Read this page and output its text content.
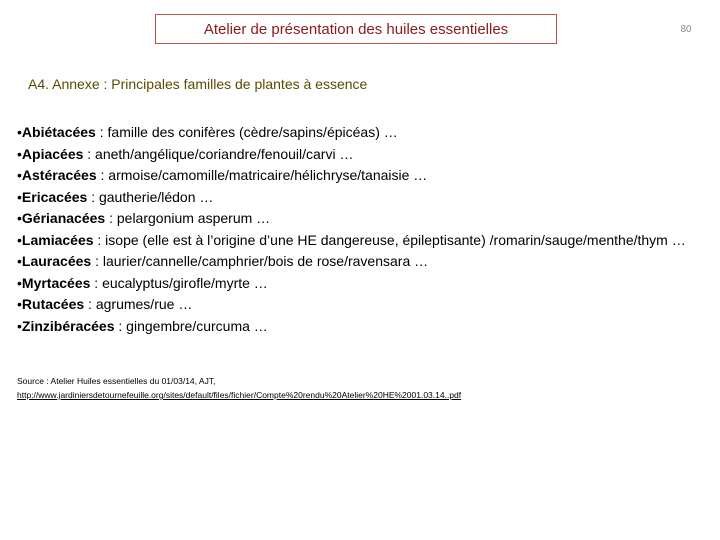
Atelier de présentation des huiles essentielles	80
A4. Annexe : Principales familles de plantes à essence
•Abiétacées : famille des conifères (cèdre/sapins/épicéas) …
•Apiacées : aneth/angélique/coriandre/fenouil/carvi …
•Astéracées : armoise/camomille/matricaire/hélichryse/tanaisie …
•Ericacées : gautherie/lédon …
•Gérianacées : pelargonium asperum …
•Lamiacées : isope (elle est à l’origine d’une HE dangereuse, épileptisante) /romarin/sauge/menthe/thym …
•Lauracées : laurier/cannelle/camphrier/bois de rose/ravensara …
•Myrtacées : eucalyptus/girofle/myrte …
•Rutacées : agrumes/rue …
•Zinzibéracées : gingembre/curcuma …
Source : Atelier Huiles essentielles du 01/03/14, AJT,
http://www.jardiniersdetournefeuille.org/sites/default/files/fichier/Compte%20rendu%20Atelier%20HE%2001.03.14..pdf
